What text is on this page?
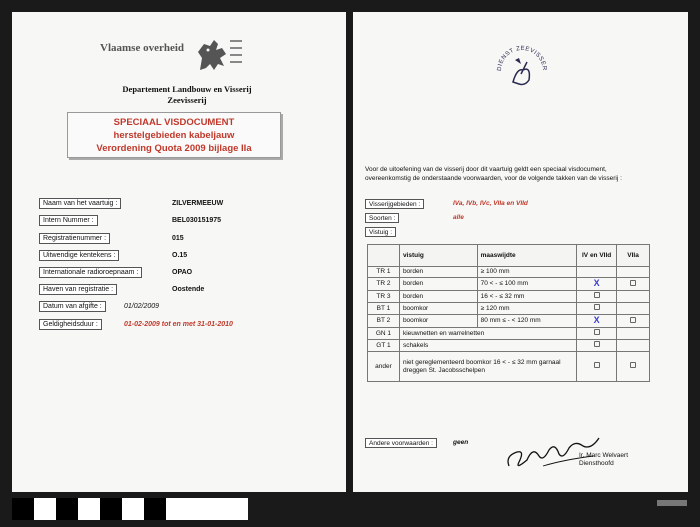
Vlaamse overheid
Departement Landbouw en Visserij
Zeevisserij
SPECIAAL VISDOCUMENT
herstelgebieden kabeljauw
Verordening Quota 2009 bijlage IIa
Naam van het vaartuig :	ZILVERMEEUW
Intern Nummer :	BEL030151975
Registratienummer :	015
Uitwendige kentekens :	O.15
Internationale radioroepnaam :	OPAO
Haven van registratie :	Oostende
Datum van afgifte :	01/02/2009
Geldigheidsduur :	01-02-2009 tot en met 31-01-2010
DIENST ZEEVISSER
Voor de uitoefening van de visserij door dit vaartuig geldt een speciaal visdocument, overeenkomstig de onderstaande voorwaarden, voor de volgende takken van de visserij :
Visserijgebieden :	IVa, IVb, IVc, VIIa en VIId
Soorten :	alle
Vistuig :
	vistuig	maaswijdte	IV en VIId	VIIa
TR 1	borden	≥ 100 mm		
TR 2	borden	70 < - ≤ 100 mm	X	
TR 3	borden	16 < - ≤ 32 mm		
BT 1	boomkor	≥ 120 mm		
BT 2	boomkor	80 mm ≤ - < 120 mm	X	
GN 1	kieuwnetten en warrelnetten			
GT 1	schakels			
ander	niet gereglementeerd boomkor 16 < - ≤ 32 mm garnaal dreggen St. Jacobsschelpen			
Andere voorwaarden :	geen
Ir. Marc Welvaert
Diensthoofd
